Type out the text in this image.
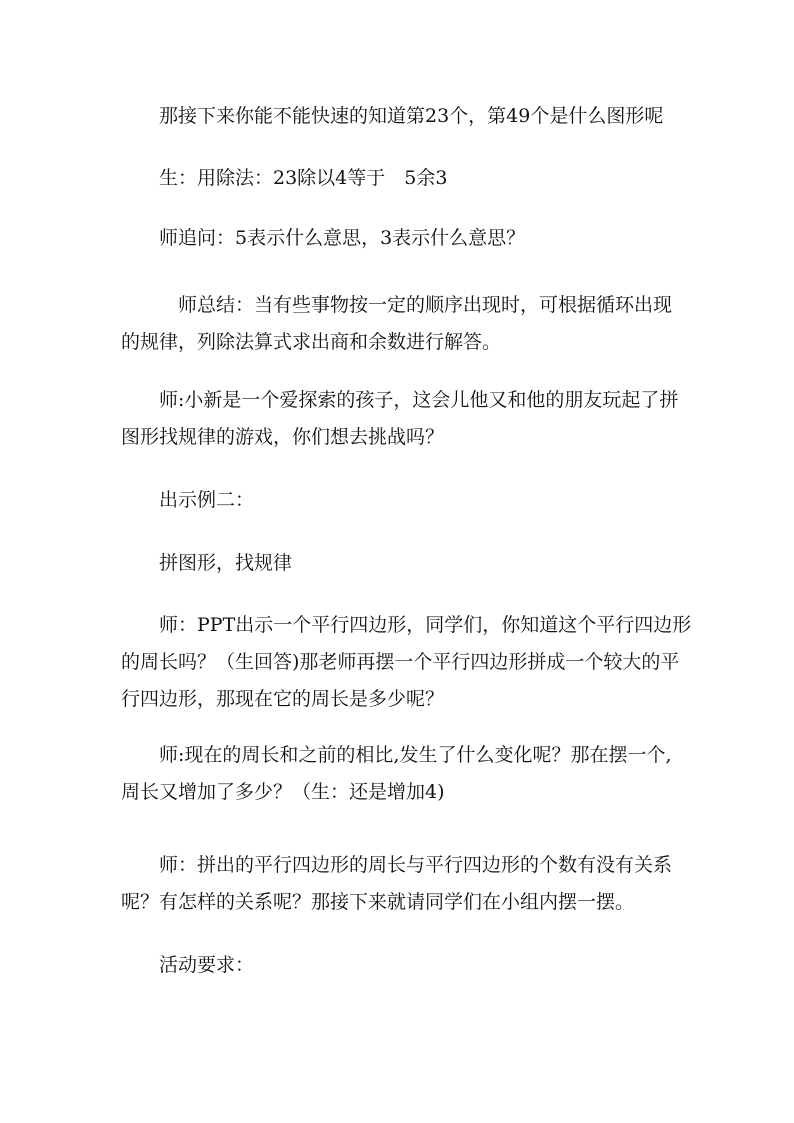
　　那接下来你能不能快速的知道第23个，第49个是什么图形呢

　　生：用除法：23除以4等于　5余3

　　师追问：5表示什么意思，3表示什么意思？

　　　师总结：当有些事物按一定的顺序出现时，可根据循环出现
的规律，列除法算式求出商和余数进行解答。

　　师:小新是一个爱探索的孩子，这会儿他又和他的朋友玩起了拼
图形找规律的游戏，你们想去挑战吗？

　　出示例二：

　　拼图形，找规律

　　师：PPT出示一个平行四边形，同学们，你知道这个平行四边形
的周长吗？（生回答)那老师再摆一个平行四边形拼成一个较大的平
行四边形，那现在它的周长是多少呢？

　　师:现在的周长和之前的相比,发生了什么变化呢？那在摆一个,
周长又增加了多少？（生：还是增加4)

　　师：拼出的平行四边形的周长与平行四边形的个数有没有关系
呢？有怎样的关系呢？那接下来就请同学们在小组内摆一摆。

　　活动要求：
